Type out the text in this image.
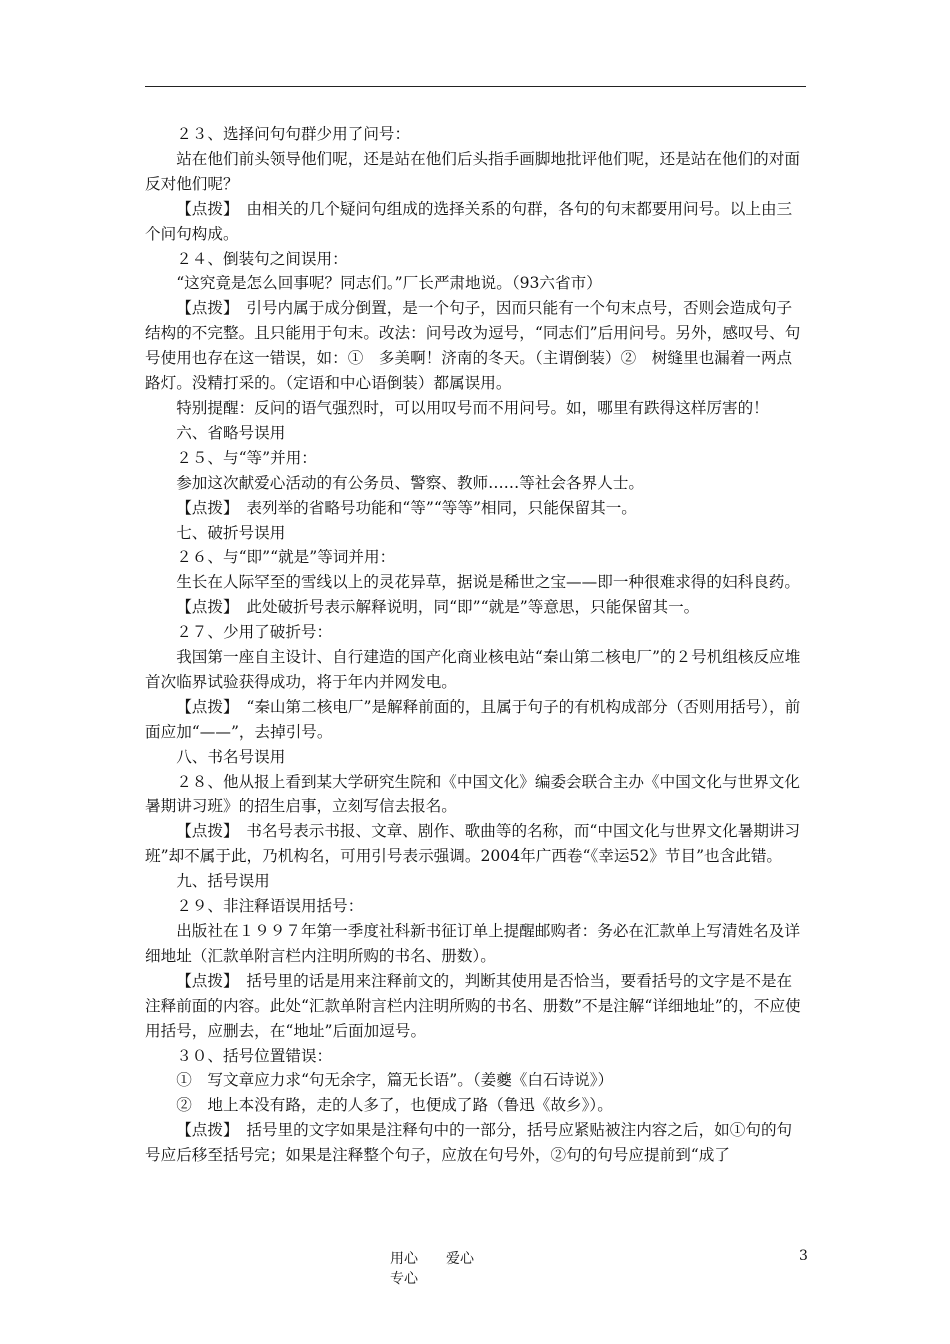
２３、选择问句句群少用了问号：

站在他们前头领导他们呢，还是站在他们后头指手画脚地批评他们呢，还是站在他们的对面反对他们呢？

【点拨】　由相关的几个疑问句组成的选择关系的句群，各句的句末都要用问号。以上由三个问句构成。

２４、倒装句之间误用：

“这究竟是怎么回事呢？同志们。”厂长严肃地说。（93六省市）

【点拨】　引号内属于成分倒置，是一个句子，因而只能有一个句末点号，否则会造成句子结构的不完整。且只能用于句末。改法：问号改为逗号，“同志们”后用问号。另外，感叹号、句号使用也存在这一错误，如：①　多美啊！济南的冬天。（主谓倒装）②　树缝里也漏着一两点路灯。没精打采的。（定语和中心语倒装）都属误用。

特别提醒：反问的语气强烈时，可以用叹号而不用问号。如，哪里有跌得这样厉害的！

六、省略号误用

２５、与“等”并用：

参加这次献爱心活动的有公务员、警察、教师……等社会各界人士。

【点拨】　表列举的省略号功能和“等”“等等”相同，只能保留其一。

七、破折号误用

２６、与“即”“就是”等词并用：

生长在人际罕至的雪线以上的灵花异草，据说是稀世之宝——即一种很难求得的妇科良药。

【点拨】　此处破折号表示解释说明，同“即”“就是”等意思，只能保留其一。

２７、少用了破折号：

我国第一座自主设计、自行建造的国产化商业核电站“秦山第二核电厂”的２号机组核反应堆首次临界试验获得成功，将于年内并网发电。

【点拨】　“秦山第二核电厂”是解释前面的，且属于句子的有机构成部分（否则用括号），前面应加“——”，去掉引号。

八、书名号误用

２８、他从报上看到某大学研究生院和《中国文化》编委会联合主办《中国文化与世界文化暑期讲习班》的招生启事，立刻写信去报名。

【点拨】　书名号表示书报、文章、剧作、歌曲等的名称，而“中国文化与世界文化暑期讲习班”却不属于此，乃机构名，可用引号表示强调。2004年广西卷“《幸运52》节目”也含此错。

九、括号误用

２９、非注释语误用括号：

出版社在１９９７年第一季度社科新书征订单上提醒邮购者：务必在汇款单上写清姓名及详细地址（汇款单附言栏内注明所购的书名、册数）。

【点拨】　括号里的话是用来注释前文的，判断其使用是否恰当，要看括号的文字是不是在注释前面的内容。此处“汇款单附言栏内注明所购的书名、册数”不是注解“详细地址”的，不应使用括号，应删去，在“地址”后面加逗号。

３０、括号位置错误：

①　写文章应力求“句无余字，篇无长语”。（姜夔《白石诗说》）

②　地上本没有路，走的人多了，也便成了路（鲁迅《故乡》）。

【点拨】　括号里的文字如果是注释句中的一部分，括号应紧贴被注内容之后，如①句的句号应后移至括号完；如果是注释整个句子，应放在句号外，②句的句号应提前到“成了

用心 爱心专心
3
